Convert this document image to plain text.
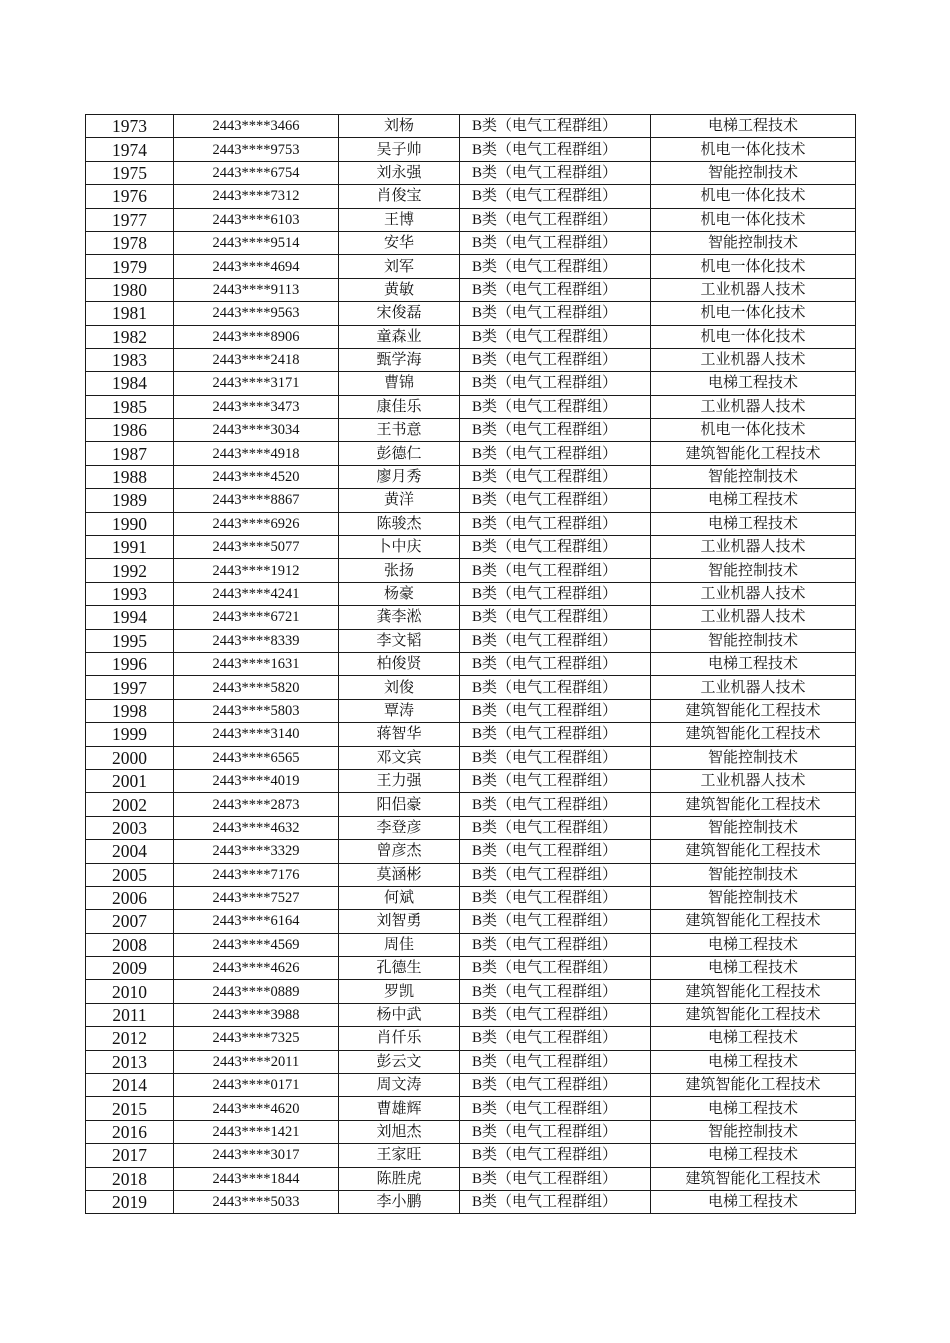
1973	2443****3466	刘杨	B类（电气工程群组）	电梯工程技术
1974	2443****9753	吴子帅	B类（电气工程群组）	机电一体化技术
1975	2443****6754	刘永强	B类（电气工程群组）	智能控制技术
1976	2443****7312	肖俊宝	B类（电气工程群组）	机电一体化技术
1977	2443****6103	王博	B类（电气工程群组）	机电一体化技术
1978	2443****9514	安华	B类（电气工程群组）	智能控制技术
1979	2443****4694	刘军	B类（电气工程群组）	机电一体化技术
1980	2443****9113	黄敏	B类（电气工程群组）	工业机器人技术
1981	2443****9563	宋俊磊	B类（电气工程群组）	机电一体化技术
1982	2443****8906	童森业	B类（电气工程群组）	机电一体化技术
1983	2443****2418	甄学海	B类（电气工程群组）	工业机器人技术
1984	2443****3171	曹锦	B类（电气工程群组）	电梯工程技术
1985	2443****3473	康佳乐	B类（电气工程群组）	工业机器人技术
1986	2443****3034	王书意	B类（电气工程群组）	机电一体化技术
1987	2443****4918	彭德仁	B类（电气工程群组）	建筑智能化工程技术
1988	2443****4520	廖月秀	B类（电气工程群组）	智能控制技术
1989	2443****8867	黄洋	B类（电气工程群组）	电梯工程技术
1990	2443****6926	陈骏杰	B类（电气工程群组）	电梯工程技术
1991	2443****5077	卜中庆	B类（电气工程群组）	工业机器人技术
1992	2443****1912	张扬	B类（电气工程群组）	智能控制技术
1993	2443****4241	杨豪	B类（电气工程群组）	工业机器人技术
1994	2443****6721	龚李淞	B类（电气工程群组）	工业机器人技术
1995	2443****8339	李文韬	B类（电气工程群组）	智能控制技术
1996	2443****1631	柏俊贤	B类（电气工程群组）	电梯工程技术
1997	2443****5820	刘俊	B类（电气工程群组）	工业机器人技术
1998	2443****5803	覃涛	B类（电气工程群组）	建筑智能化工程技术
1999	2443****3140	蒋智华	B类（电气工程群组）	建筑智能化工程技术
2000	2443****6565	邓文宾	B类（电气工程群组）	智能控制技术
2001	2443****4019	王力强	B类（电气工程群组）	工业机器人技术
2002	2443****2873	阳侣豪	B类（电气工程群组）	建筑智能化工程技术
2003	2443****4632	李登彦	B类（电气工程群组）	智能控制技术
2004	2443****3329	曾彦杰	B类（电气工程群组）	建筑智能化工程技术
2005	2443****7176	莫涵彬	B类（电气工程群组）	智能控制技术
2006	2443****7527	何斌	B类（电气工程群组）	智能控制技术
2007	2443****6164	刘智勇	B类（电气工程群组）	建筑智能化工程技术
2008	2443****4569	周佳	B类（电气工程群组）	电梯工程技术
2009	2443****4626	孔德生	B类（电气工程群组）	电梯工程技术
2010	2443****0889	罗凯	B类（电气工程群组）	建筑智能化工程技术
2011	2443****3988	杨中武	B类（电气工程群组）	建筑智能化工程技术
2012	2443****7325	肖仟乐	B类（电气工程群组）	电梯工程技术
2013	2443****2011	彭云文	B类（电气工程群组）	电梯工程技术
2014	2443****0171	周文涛	B类（电气工程群组）	建筑智能化工程技术
2015	2443****4620	曹雄辉	B类（电气工程群组）	电梯工程技术
2016	2443****1421	刘旭杰	B类（电气工程群组）	智能控制技术
2017	2443****3017	王家旺	B类（电气工程群组）	电梯工程技术
2018	2443****1844	陈胜虎	B类（电气工程群组）	建筑智能化工程技术
2019	2443****5033	李小鹏	B类（电气工程群组）	电梯工程技术
